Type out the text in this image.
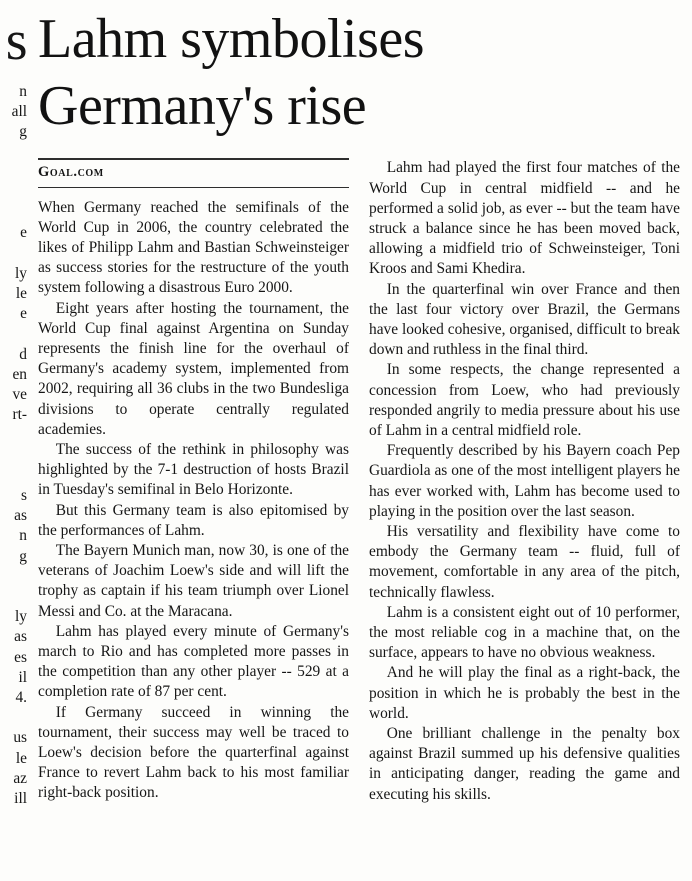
s
n
all
g
e
ly
le
e
d
en
ve
rt-
s
as
n
g
ly
as
es
il
4.
us
le
az
ill
Lahm symbolises
Germany's rise
Goal.com

When Germany reached the semifinals of the World Cup in 2006, the country celebrated the likes of Philipp Lahm and Bastian Schweinsteiger as success stories for the restructure of the youth system following a disastrous Euro 2000.

Eight years after hosting the tournament, the World Cup final against Argentina on Sunday represents the finish line for the overhaul of Germany's academy system, implemented from 2002, requiring all 36 clubs in the two Bundesliga divisions to operate centrally regulated academies.

The success of the rethink in philosophy was highlighted by the 7-1 destruction of hosts Brazil in Tuesday's semifinal in Belo Horizonte.

But this Germany team is also epitomised by the performances of Lahm.

The Bayern Munich man, now 30, is one of the veterans of Joachim Loew's side and will lift the trophy as captain if his team triumph over Lionel Messi and Co. at the Maracana.

Lahm has played every minute of Germany's march to Rio and has completed more passes in the competition than any other player -- 529 at a completion rate of 87 per cent.

If Germany succeed in winning the tournament, their success may well be traced to Loew's decision before the quarterfinal against France to revert Lahm back to his most familiar right-back position.

Lahm had played the first four matches of the World Cup in central midfield -- and he performed a solid job, as ever -- but the team have struck a balance since he has been moved back, allowing a midfield trio of Schweinsteiger, Toni Kroos and Sami Khedira.

In the quarterfinal win over France and then the last four victory over Brazil, the Germans have looked cohesive, organised, difficult to break down and ruthless in the final third.

In some respects, the change represented a concession from Loew, who had previously responded angrily to media pressure about his use of Lahm in a central midfield role.

Frequently described by his Bayern coach Pep Guardiola as one of the most intelligent players he has ever worked with, Lahm has become used to playing in the position over the last season.

His versatility and flexibility have come to embody the Germany team -- fluid, full of movement, comfortable in any area of the pitch, technically flawless.

Lahm is a consistent eight out of 10 performer, the most reliable cog in a machine that, on the surface, appears to have no obvious weakness.

And he will play the final as a right-back, the position in which he is probably the best in the world.

One brilliant challenge in the penalty box against Brazil summed up his defensive qualities in anticipating danger, reading the game and executing his skills.
